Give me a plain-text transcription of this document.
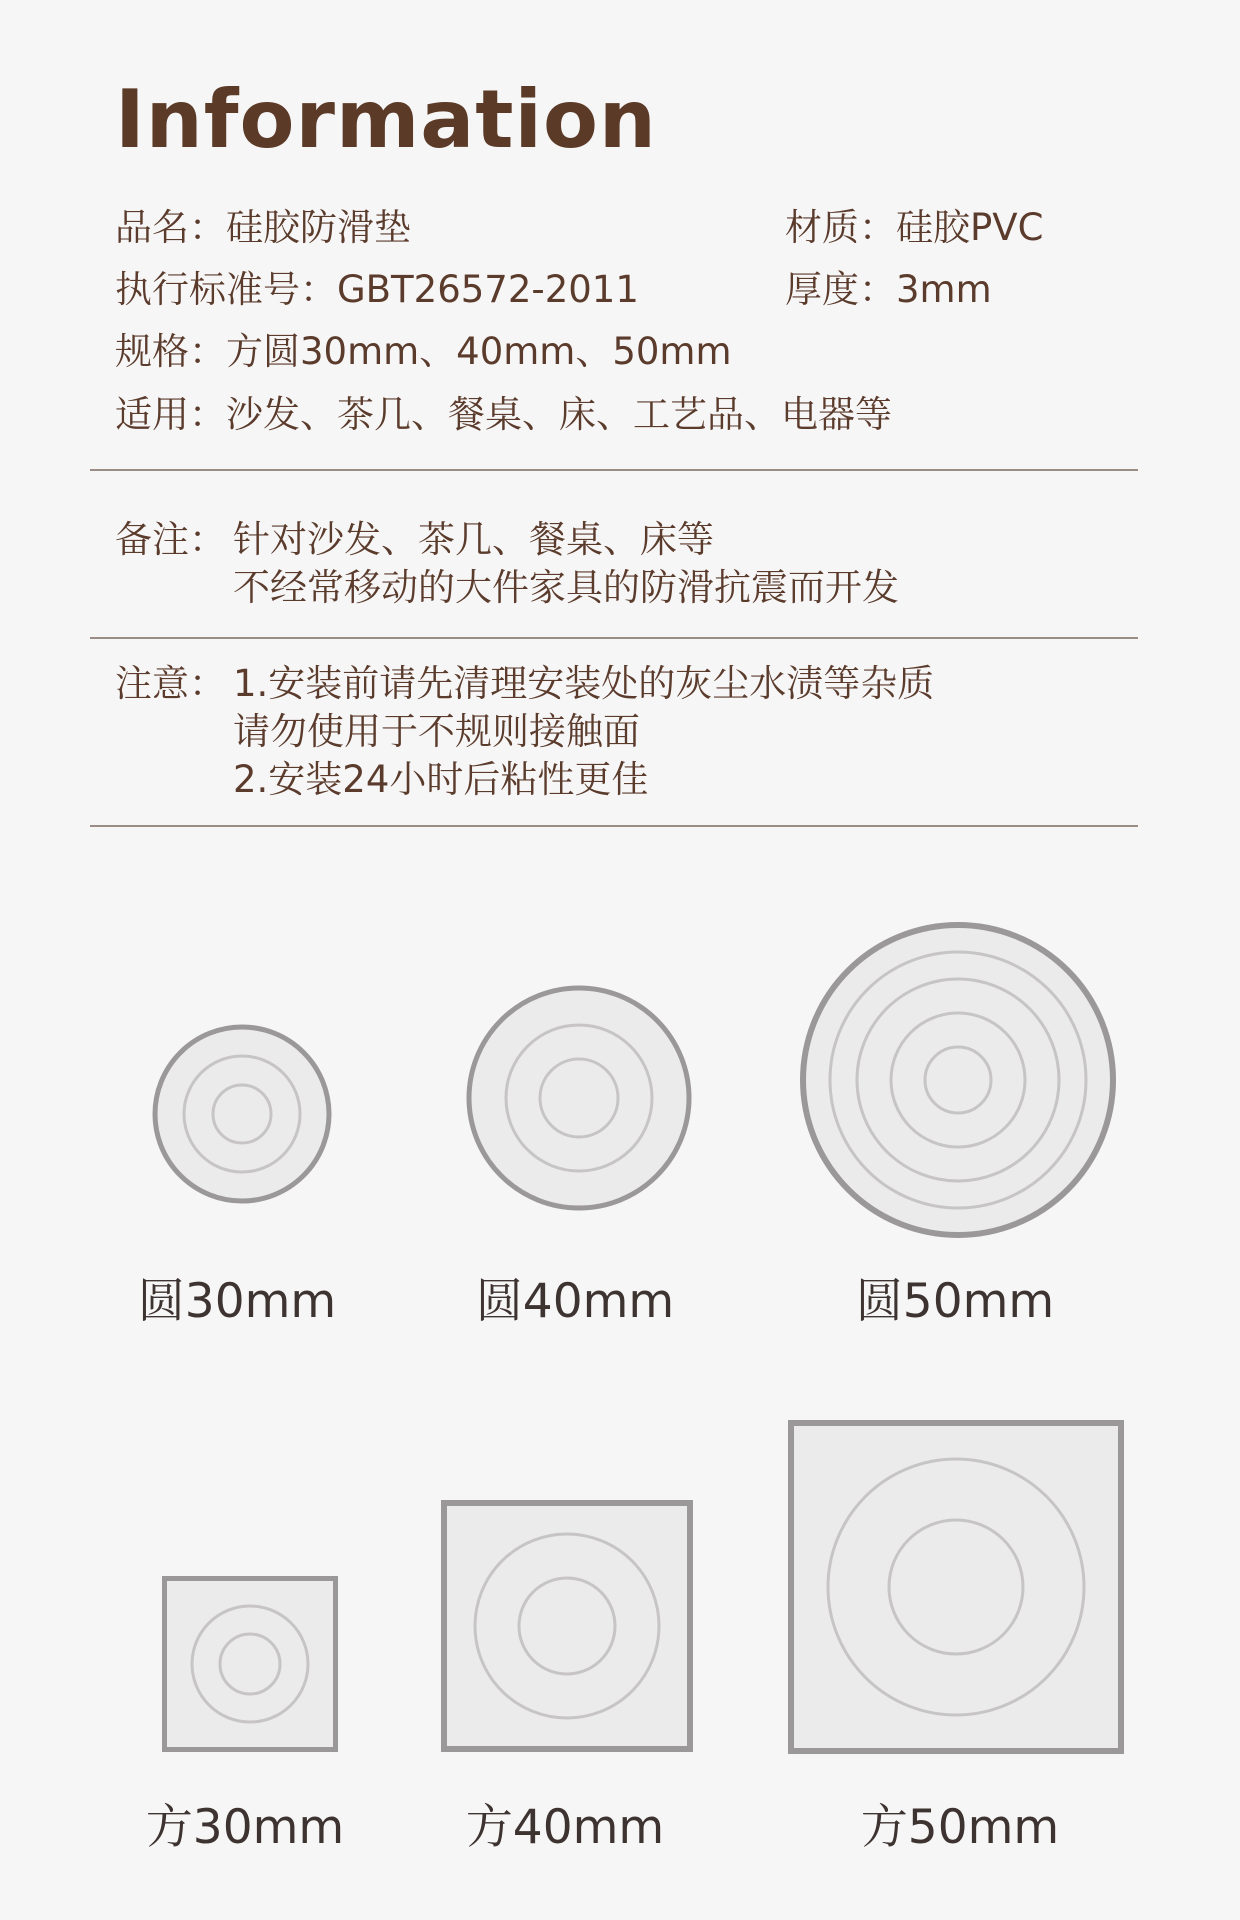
Information
品名：硅胶防滑垫	材质：硅胶PVC
执行标准号：GBT26572-2011	厚度：3mm
规格：方圆30mm、40mm、50mm
适用：沙发、茶几、餐桌、床、工艺品、电器等
备注： 针对沙发、茶几、餐桌、床等
不经常移动的大件家具的防滑抗震而开发
注意： 1.安装前请先清理安装处的灰尘水渍等杂质
请勿使用于不规则接触面
2.安装24小时后粘性更佳
圆30mm	圆40mm	圆50mm
方30mm	方40mm	方50mm
